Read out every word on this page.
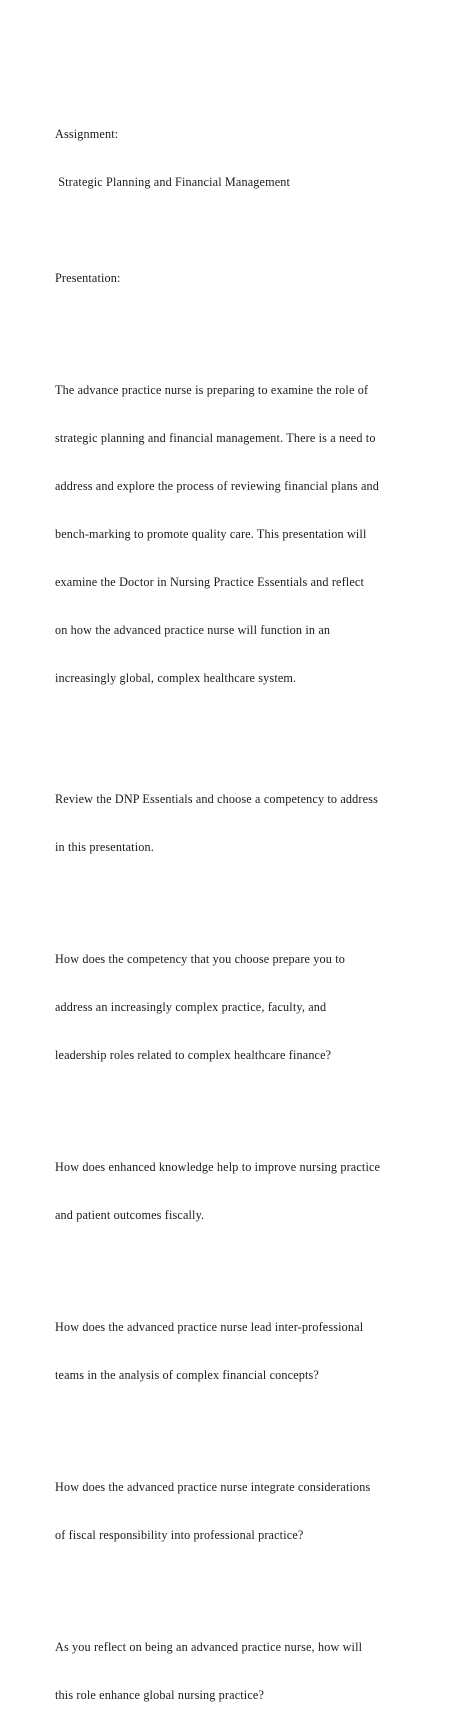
Assignment:

Strategic Planning and Financial Management

Presentation:

The advance practice nurse is preparing to examine the role of

strategic planning and financial management. There is a need to

address and explore the process of reviewing financial plans and

bench-marking to promote quality care. This presentation will

examine the Doctor in Nursing Practice Essentials and reflect

on how the advanced practice nurse will function in an

increasingly global, complex healthcare system.

Review the DNP Essentials and choose a competency to address

in this presentation.

How does the competency that you choose prepare you to

address an increasingly complex practice, faculty, and

leadership roles related to complex healthcare finance?

How does enhanced knowledge help to improve nursing practice

and patient outcomes fiscally.

How does the advanced practice nurse lead inter-professional

teams in the analysis of complex financial concepts?

How does the advanced practice nurse integrate considerations

of fiscal responsibility into professional practice?

As you reflect on being an advanced practice nurse, how will

this role enhance global nursing practice?
